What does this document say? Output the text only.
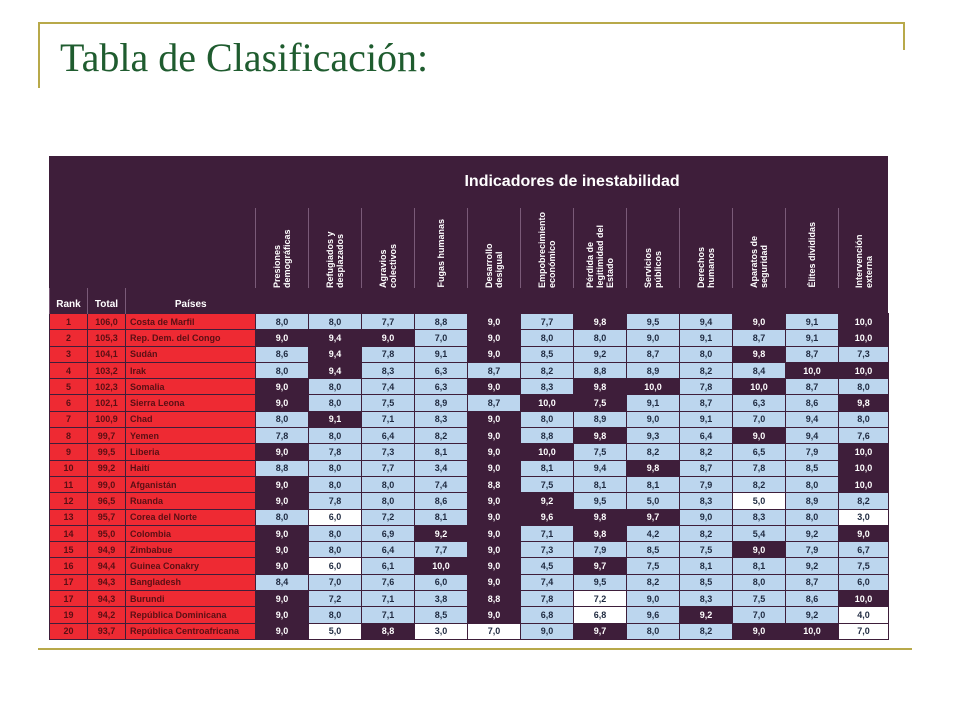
Tabla de Clasificación:
			Indicadores de inestabilidad											

			Presiones demográficas	Refugiados y desplazados	Agravios colectivos	Fugas humanas	Desarrollo desigual	Empobrecimiento económico	Pérdida de legitimidad del Estado	Servicios públicos	Derechos humanos	Aparatos de seguridad	Élites divididas	Intervención externa

Rank	Total	Países												
1	106,0	Costa de Marfil	8,0	8,0	7,7	8,8	9,0	7,7	9,8	9,5	9,4	9,0	9,1	10,0
2	105,3	Rep. Dem. del Congo	9,0	9,4	9,0	7,0	9,0	8,0	8,0	9,0	9,1	8,7	9,1	10,0
3	104,1	Sudán	8,6	9,4	7,8	9,1	9,0	8,5	9,2	8,7	8,0	9,8	8,7	7,3
4	103,2	Irak	8,0	9,4	8,3	6,3	8,7	8,2	8,8	8,9	8,2	8,4	10,0	10,0
5	102,3	Somalia	9,0	8,0	7,4	6,3	9,0	8,3	9,8	10,0	7,8	10,0	8,7	8,0
6	102,1	Sierra Leona	9,0	8,0	7,5	8,9	8,7	10,0	7,5	9,1	8,7	6,3	8,6	9,8
7	100,9	Chad	8,0	9,1	7,1	8,3	9,0	8,0	8,9	9,0	9,1	7,0	9,4	8,0
8	99,7	Yemen	7,8	8,0	6,4	8,2	9,0	8,8	9,8	9,3	6,4	9,0	9,4	7,6
9	99,5	Liberia	9,0	7,8	7,3	8,1	9,0	10,0	7,5	8,2	8,2	6,5	7,9	10,0
10	99,2	Haití	8,8	8,0	7,7	3,4	9,0	8,1	9,4	9,8	8,7	7,8	8,5	10,0
11	99,0	Afganistán	9,0	8,0	8,0	7,4	8,8	7,5	8,1	8,1	7,9	8,2	8,0	10,0
12	96,5	Ruanda	9,0	7,8	8,0	8,6	9,0	9,2	9,5	5,0	8,3	5,0	8,9	8,2
13	95,7	Corea del Norte	8,0	6,0	7,2	8,1	9,0	9,6	9,8	9,7	9,0	8,3	8,0	3,0
14	95,0	Colombia	9,0	8,0	6,9	9,2	9,0	7,1	9,8	4,2	8,2	5,4	9,2	9,0
15	94,9	Zimbabue	9,0	8,0	6,4	7,7	9,0	7,3	7,9	8,5	7,5	9,0	7,9	6,7
16	94,4	Guinea Conakry	9,0	6,0	6,1	10,0	9,0	4,5	9,7	7,5	8,1	8,1	9,2	7,5
17	94,3	Bangladesh	8,4	7,0	7,6	6,0	9,0	7,4	9,5	8,2	8,5	8,0	8,7	6,0
17	94,3	Burundi	9,0	7,2	7,1	3,8	8,8	7,8	7,2	9,0	8,3	7,5	8,6	10,0
19	94,2	República Dominicana	9,0	8,0	7,1	8,5	9,0	6,8	6,8	9,6	9,2	7,0	9,2	4,0
20	93,7	República Centroafricana	9,0	5,0	8,8	3,0	7,0	9,0	9,7	8,0	8,2	9,0	10,0	7,0
